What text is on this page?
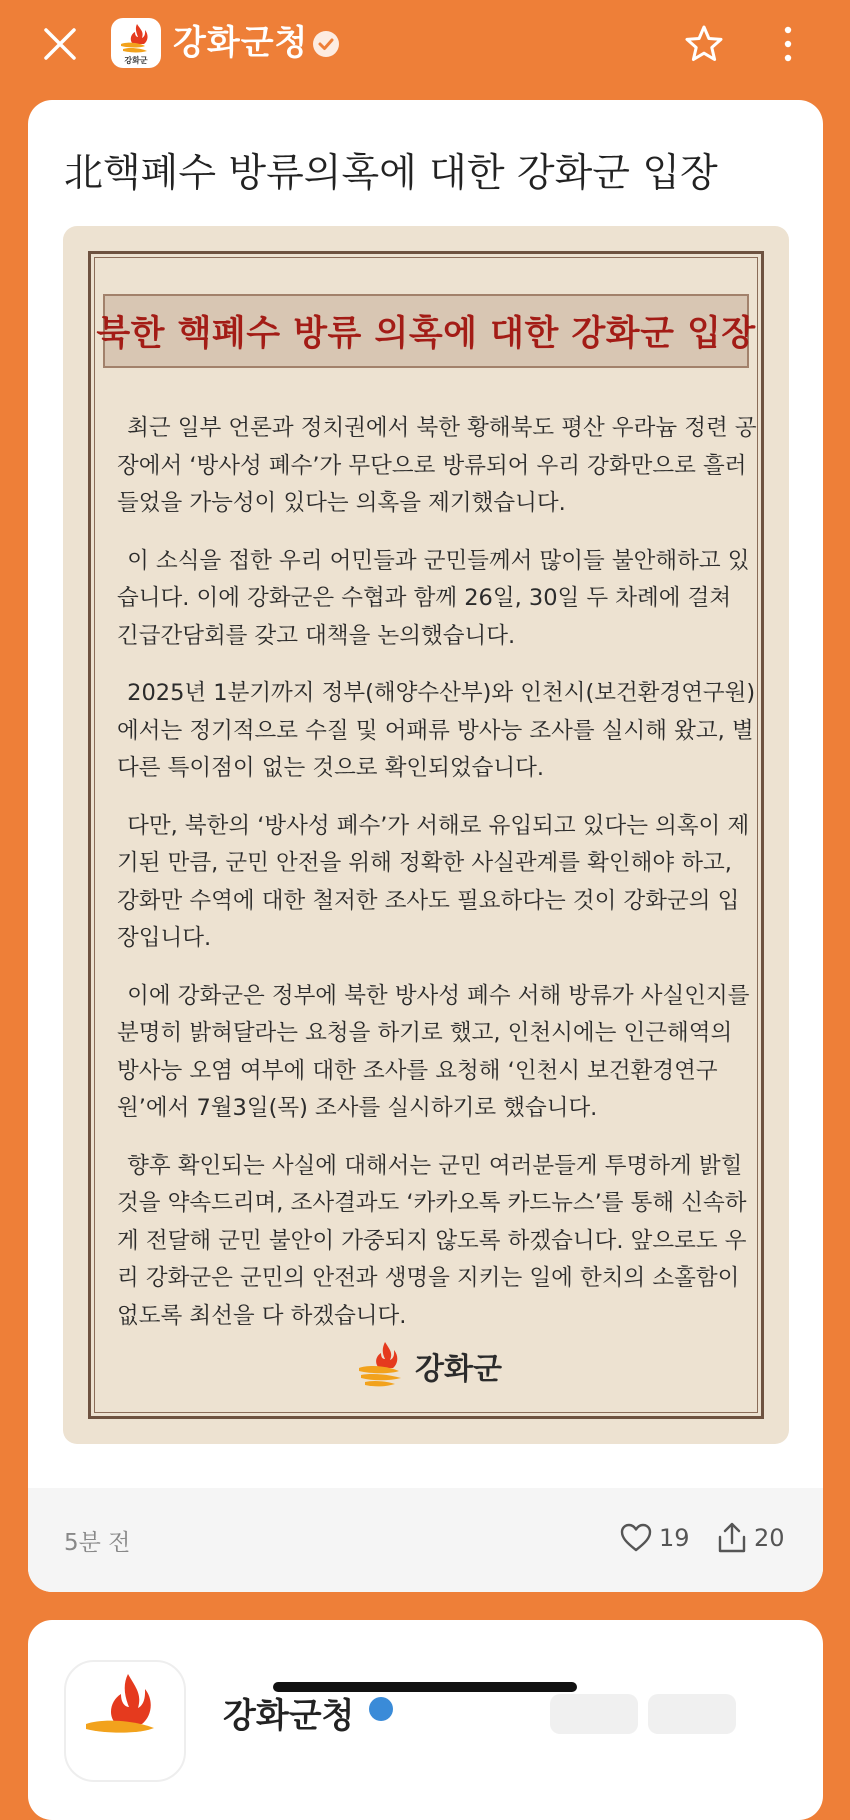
강화군 강화군청
北핵폐수 방류의혹에 대한 강화군 입장
북한 핵폐수 방류 의혹에 대한 강화군 입장

최근 일부 언론과 정치권에서 북한 황해북도 평산 우라늄 정련 공장에서 ‘방사성 폐수’가 무단으로 방류되어 우리 강화만으로 흘러들었을 가능성이 있다는 의혹을 제기했습니다.

이 소식을 접한 우리 어민들과 군민들께서 많이들 불안해하고 있습니다. 이에 강화군은 수협과 함께 26일, 30일 두 차례에 걸쳐 긴급간담회를 갖고 대책을 논의했습니다.

2025년 1분기까지 정부(해양수산부)와 인천시(보건환경연구원)에서는 정기적으로 수질 및 어패류 방사능 조사를 실시해 왔고, 별다른 특이점이 없는 것으로 확인되었습니다.

다만, 북한의 ‘방사성 폐수’가 서해로 유입되고 있다는 의혹이 제기된 만큼, 군민 안전을 위해 정확한 사실관계를 확인해야 하고, 강화만 수역에 대한 철저한 조사도 필요하다는 것이 강화군의 입장입니다.

이에 강화군은 정부에 북한 방사성 폐수 서해 방류가 사실인지를 분명히 밝혀달라는 요청을 하기로 했고, 인천시에는 인근해역의 방사능 오염 여부에 대한 조사를 요청해 ‘인천시 보건환경연구원’에서 7월3일(목) 조사를 실시하기로 했습니다.

향후 확인되는 사실에 대해서는 군민 여러분들게 투명하게 밝힐 것을 약속드리며, 조사결과도 ‘카카오톡 카드뉴스’를 통해 신속하게 전달해 군민 불안이 가중되지 않도록 하겠습니다. 앞으로도 우리 강화군은 군민의 안전과 생명을 지키는 일에 한치의 소홀함이 없도록 최선을 다 하겠습니다.

강화군
5분 전	19	20
강화군청
